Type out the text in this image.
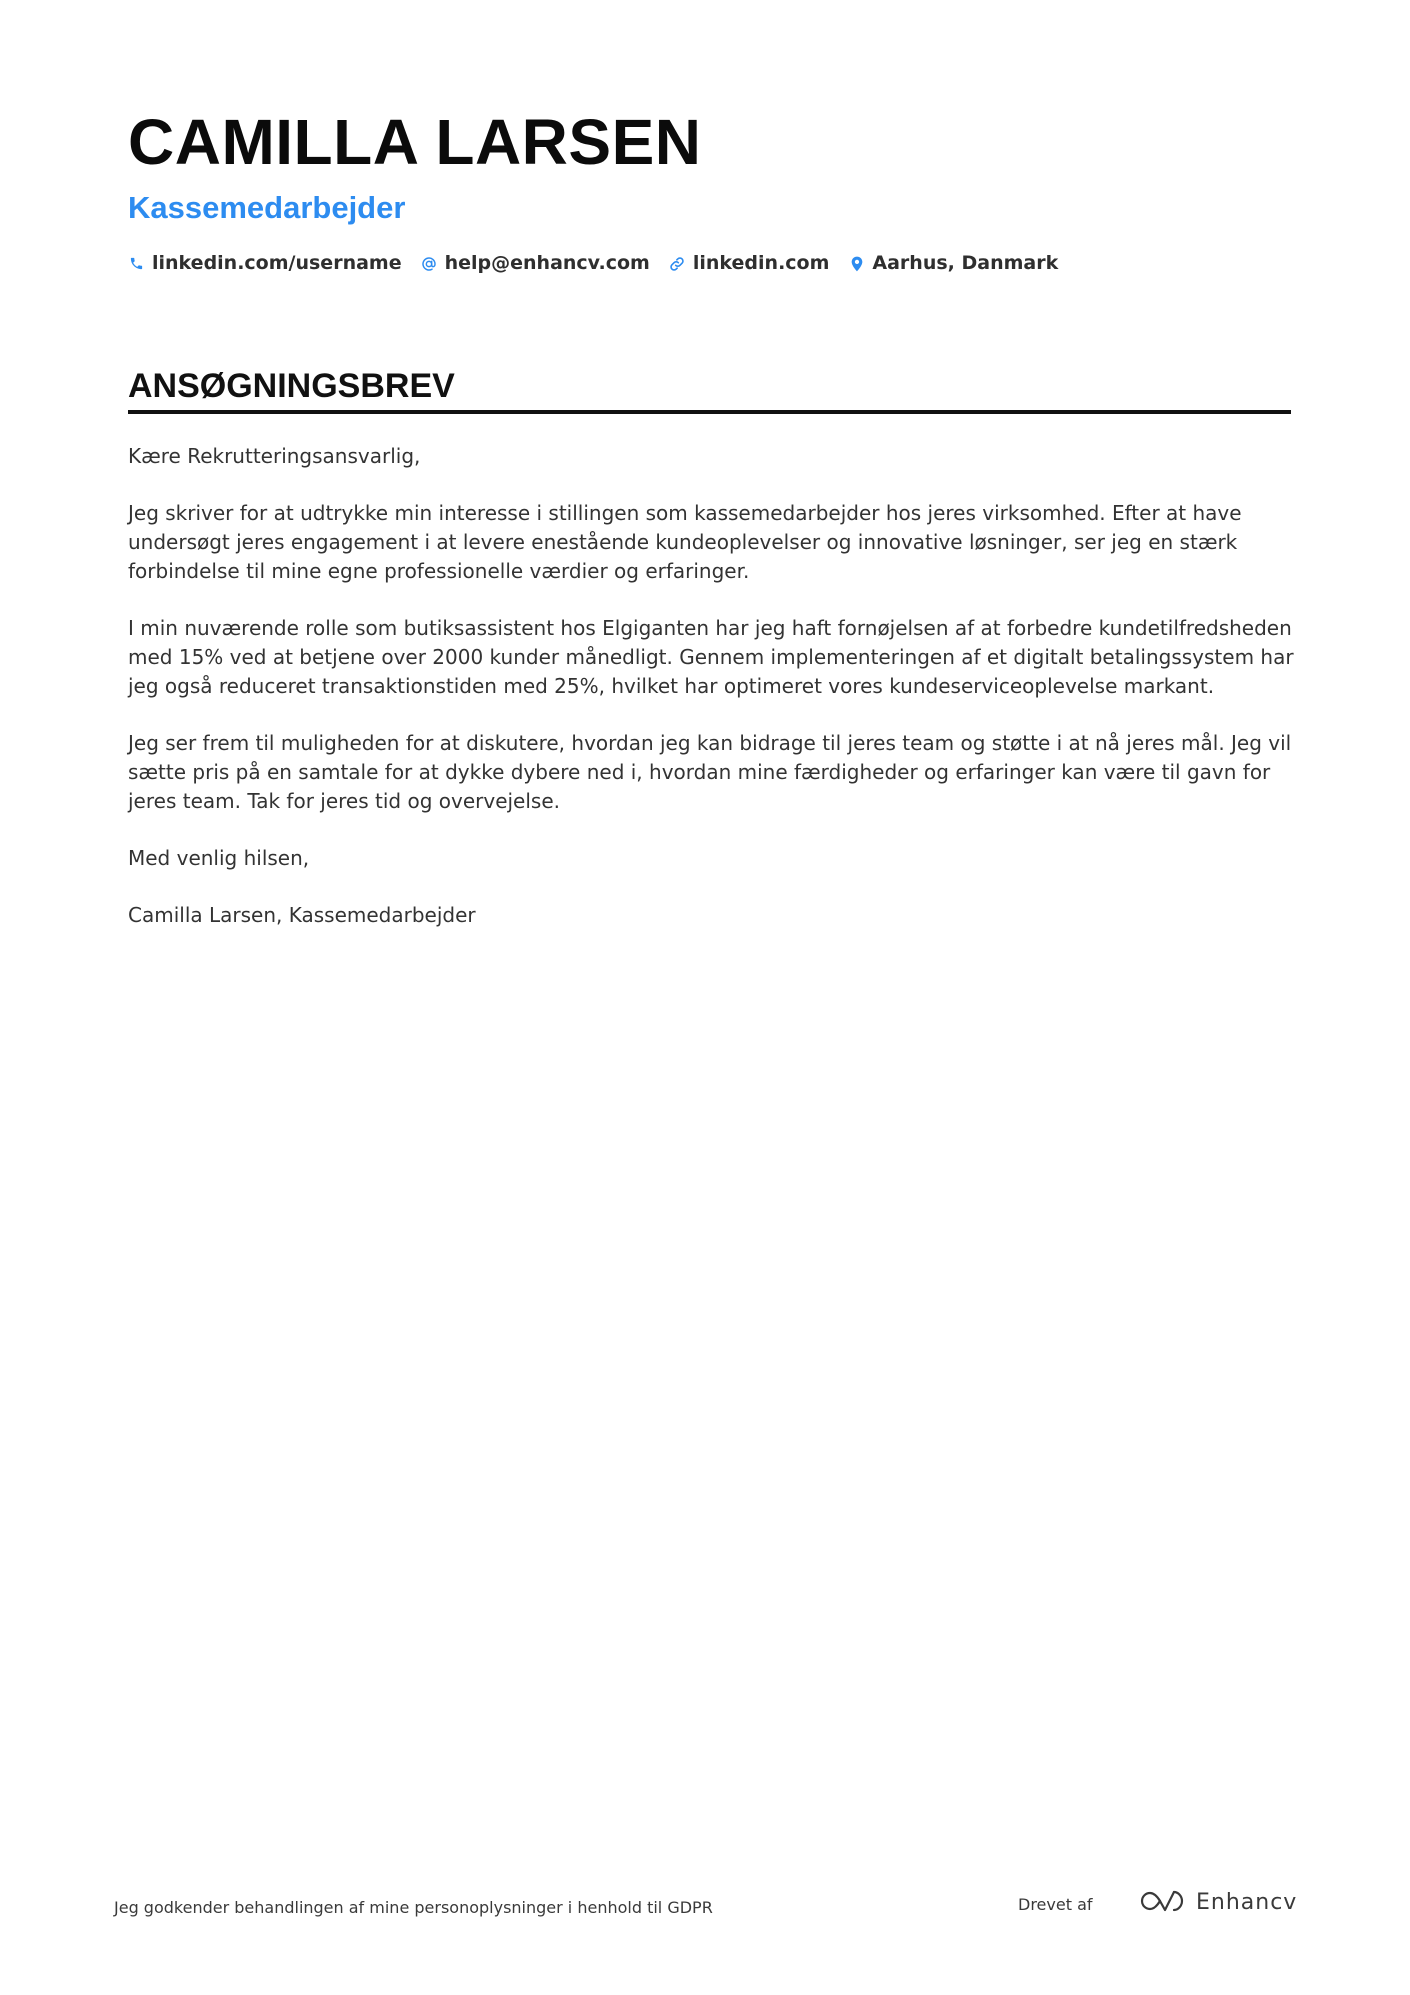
CAMILLA LARSEN
Kassemedarbejder
linkedin.com/username help@enhancv.com linkedin.com Aarhus, Danmark
ANSØGNINGSBREV

Kære Rekrutteringsansvarlig,

Jeg skriver for at udtrykke min interesse i stillingen som kassemedarbejder hos jeres virksomhed. Efter at have undersøgt jeres engagement i at levere enestående kundeoplevelser og innovative løsninger, ser jeg en stærk forbindelse til mine egne professionelle værdier og erfaringer.

I min nuværende rolle som butiksassistent hos Elgiganten har jeg haft fornøjelsen af at forbedre kundetilfredsheden med 15% ved at betjene over 2000 kunder månedligt. Gennem implementeringen af et digitalt betalingssystem har jeg også reduceret transaktionstiden med 25%, hvilket har optimeret vores kundeserviceoplevelse markant.

Jeg ser frem til muligheden for at diskutere, hvordan jeg kan bidrage til jeres team og støtte i at nå jeres mål. Jeg vil sætte pris på en samtale for at dykke dybere ned i, hvordan mine færdigheder og erfaringer kan være til gavn for jeres team. Tak for jeres tid og overvejelse.

Med venlig hilsen,

Camilla Larsen, Kassemedarbejder

Jeg godkender behandlingen af mine personoplysninger i henhold til GDPR	Drevet af	Enhancv
